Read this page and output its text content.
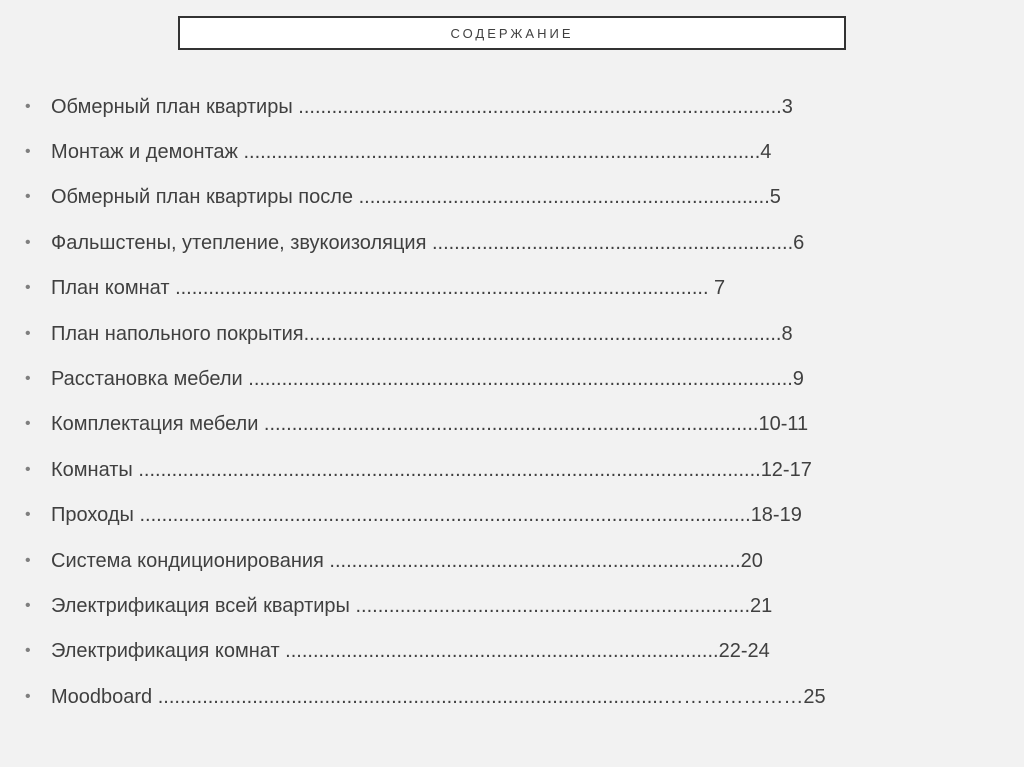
СОДЕРЖАНИЕ
• Обмерный план квартиры .......................................................................................3
• Монтаж и демонтаж .............................................................................................4
• Обмерный план квартиры после ..........................................................................5
• Фальшстены, утепление, звукоизоляция .................................................................6
• План комнат ................................................................................................ 7
• План напольного покрытия......................................................................................8
• Расстановка мебели ..................................................................................................9
• Комплектация мебели .........................................................................................10-11
• Комнаты ................................................................................................................12-17
• Проходы ..............................................................................................................18-19
• Система кондиционирования ..........................................................................20
• Электрификация всей квартиры .......................................................................21
• Электрификация комнат ..............................................................................22-24
• Moodboard ...........................................................................................…………………25
